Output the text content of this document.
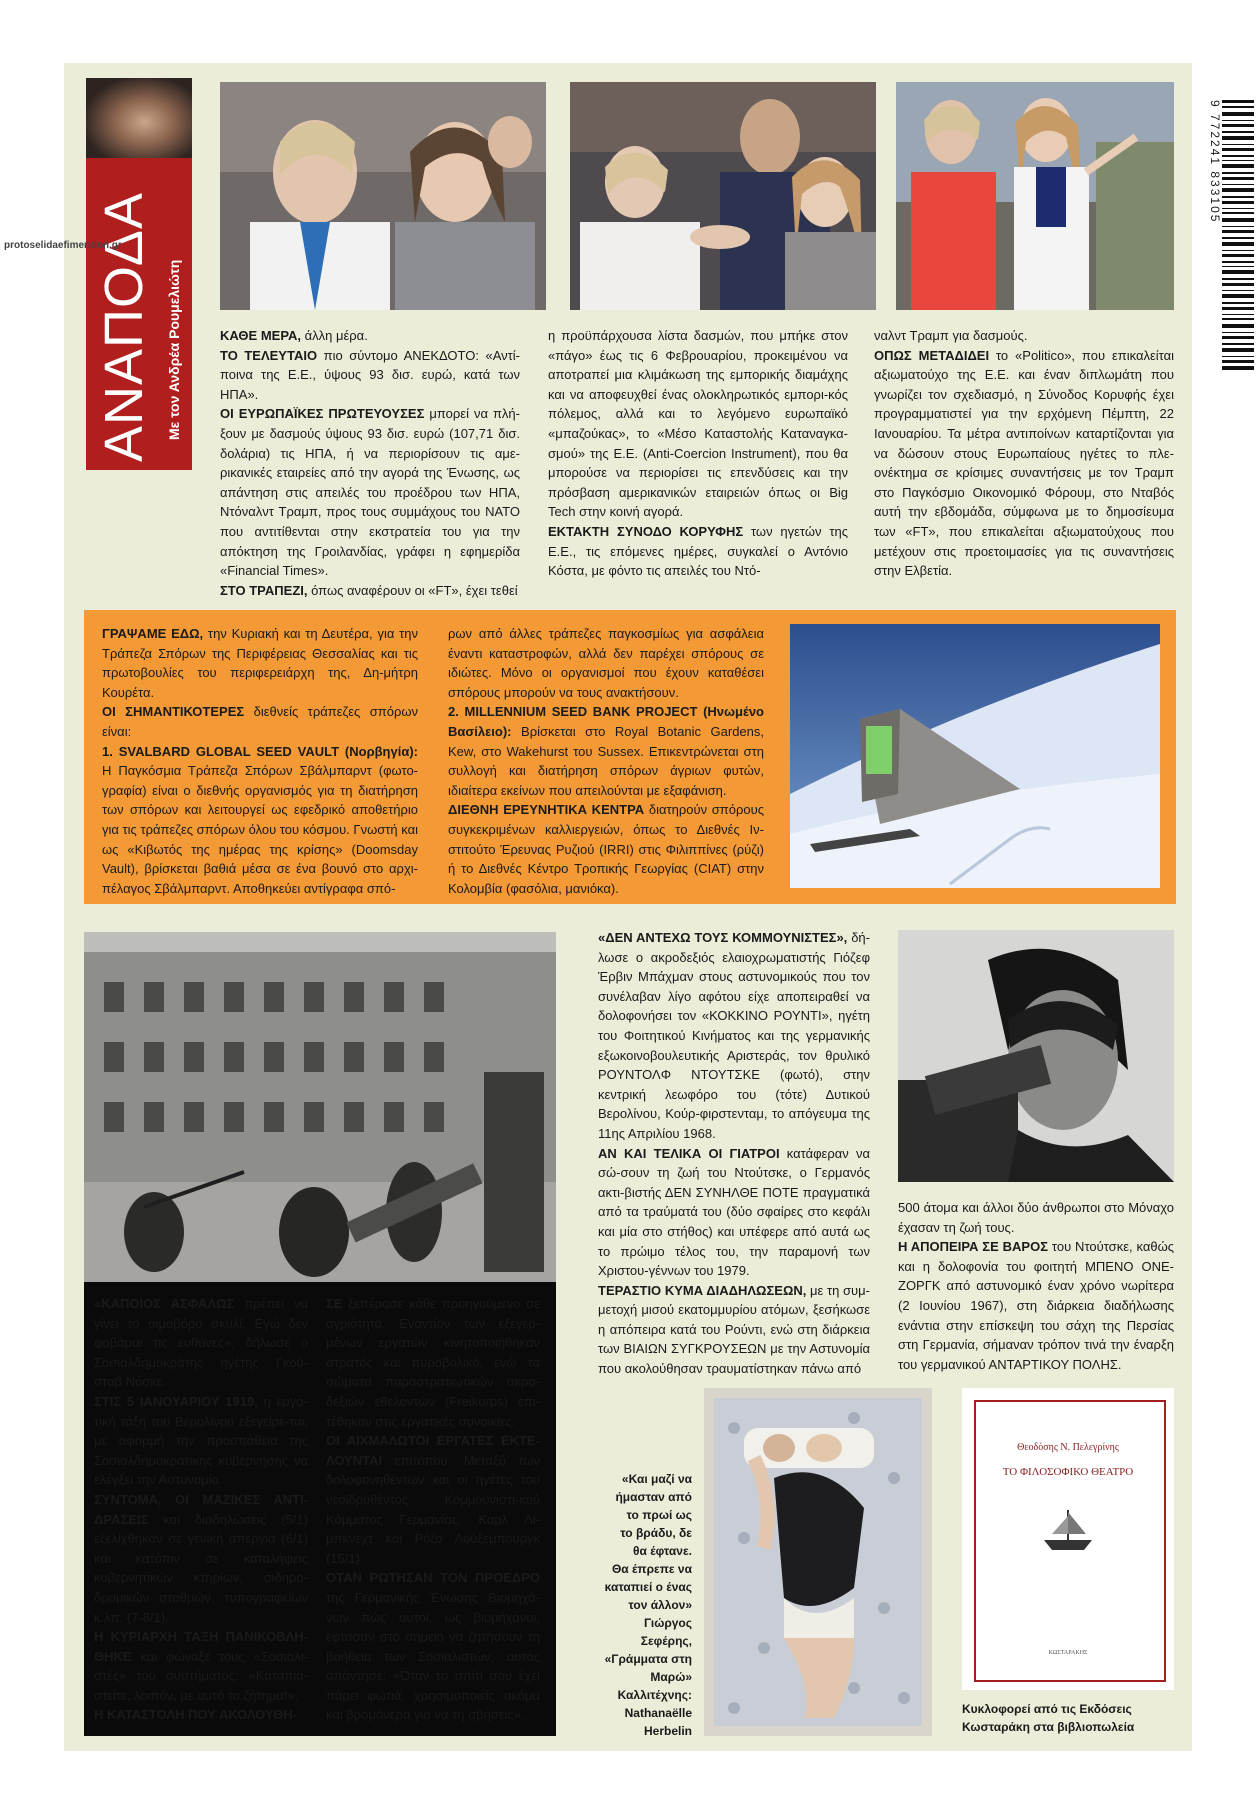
ΑΝΑΠΟΔΑ Με τον Ανδρέα Ρουμελιώτη
protoselidaefimeridon.gr
9 772241 833105

ΚΑΘΕ ΜΕΡΑ, άλλη μέρα.

ΤΟ ΤΕΛΕΥΤΑΙΟ πιο σύντομο ΑΝΕΚΔΟΤΟ: «Αντί-ποινα της Ε.Ε., ύψους 93 δισ. ευρώ, κατά των ΗΠΑ».

ΟΙ ΕΥΡΩΠΑΪΚΕΣ ΠΡΩΤΕΥΟΥΣΕΣ μπορεί να πλή-ξουν με δασμούς ύψους 93 δισ. ευρώ (107,71 δισ. δολάρια) τις ΗΠΑ, ή να περιορίσουν τις αμε-ρικανικές εταιρείες από την αγορά της Ένωσης, ως απάντηση στις απειλές του προέδρου των ΗΠΑ, Ντόναλντ Τραμπ, προς τους συμμάχους του ΝΑΤΟ που αντιτίθενται στην εκστρατεία του για την απόκτηση της Γροιλανδίας, γράφει η εφημερίδα «Financial Times».

ΣΤΟ ΤΡΑΠΕΖΙ, όπως αναφέρουν οι «FT», έχει τεθεί

η προϋπάρχουσα λίστα δασμών, που μπήκε στον «πάγο» έως τις 6 Φεβρουαρίου, προκειμένου να αποτραπεί μια κλιμάκωση της εμπορικής διαμάχης και να αποφευχθεί ένας ολοκληρωτικός εμπορι-κός πόλεμος, αλλά και το λεγόμενο ευρωπαϊκό «μπαζούκας», το «Μέσο Καταστολής Καταναγκα-σμού» της Ε.Ε. (Anti-Coercion Instrument), που θα μπορούσε να περιορίσει τις επενδύσεις και την πρόσβαση αμερικανικών εταιρειών όπως οι Big Tech στην κοινή αγορά.

ΕΚΤΑΚΤΗ ΣΥΝΟΔΟ ΚΟΡΥΦΗΣ των ηγετών της Ε.Ε., τις επόμενες ημέρες, συγκαλεί ο Αντόνιο Κόστα, με φόντο τις απειλές του Ντό-

ναλντ Τραμπ για δασμούς.

ΟΠΩΣ ΜΕΤΑΔΙΔΕΙ το «Politico», που επικαλείται αξιωματούχο της Ε.Ε. και έναν διπλωμάτη που γνωρίζει τον σχεδιασμό, η Σύνοδος Κορυφής έχει προγραμματιστεί για την ερχόμενη Πέμπτη, 22 Ιανουαρίου. Τα μέτρα αντιποίνων καταρτίζονται για να δώσουν στους Ευρωπαίους ηγέτες το πλε-ονέκτημα σε κρίσιμες συναντήσεις με τον Τραμπ στο Παγκόσμιο Οικονομικό Φόρουμ, στο Νταβός αυτή την εβδομάδα, σύμφωνα με το δημοσίευμα των «FT», που επικαλείται αξιωματούχους που μετέχουν στις προετοιμασίες για τις συναντήσεις στην Ελβετία.

ΓΡΑΨΑΜΕ ΕΔΩ, την Κυριακή και τη Δευτέρα, για την Τράπεζα Σπόρων της Περιφέρειας Θεσσαλίας και τις πρωτοβουλίες του περιφερειάρχη της, Δη-μήτρη Κουρέτα.

ΟΙ ΣΗΜΑΝΤΙΚΟΤΕΡΕΣ διεθνείς τράπεζες σπόρων είναι:

1. SVALBARD GLOBAL SEED VAULT (Νορβηγία): Η Παγκόσμια Τράπεζα Σπόρων Σβάλμπαρντ (φωτο-γραφία) είναι ο διεθνής οργανισμός για τη διατήρηση των σπόρων και λειτουργεί ως εφεδρικό αποθετήριο για τις τράπεζες σπόρων όλου του κόσμου. Γνωστή και ως «Κιβωτός της ημέρας της κρίσης» (Doomsday Vault), βρίσκεται βαθιά μέσα σε ένα βουνό στο αρχι-πέλαγος Σβάλμπαρντ. Αποθηκεύει αντίγραφα σπό-

ρων από άλλες τράπεζες παγκοσμίως για ασφάλεια έναντι καταστροφών, αλλά δεν παρέχει σπόρους σε ιδιώτες. Μόνο οι οργανισμοί που έχουν καταθέσει σπόρους μπορούν να τους ανακτήσουν.

2. MILLENNIUM SEED BANK PROJECT (Ηνωμένο Βασίλειο): Βρίσκεται στο Royal Botanic Gardens, Kew, στο Wakehurst του Sussex. Επικεντρώνεται στη συλλογή και διατήρηση σπόρων άγριων φυτών, ιδιαίτερα εκείνων που απειλούνται με εξαφάνιση.

ΔΙΕΘΝΗ ΕΡΕΥΝΗΤΙΚΑ ΚΕΝΤΡΑ διατηρούν σπόρους συγκεκριμένων καλλιεργειών, όπως το Διεθνές Ιν-στιτούτο Έρευνας Ρυζιού (IRRI) στις Φιλιππίνες (ρύζι) ή το Διεθνές Κέντρο Τροπικής Γεωργίας (CIAT) στην Κολομβία (φασόλια, μανιόκα).

«ΚΑΠΟΙΟΣ ΑΣΦΑΛΩΣ πρέπει να γίνει το αιμοβόρο σκυλί. Εγώ δεν φοβάμαι τις ευθύνες», δήλωσε ο Σοσιαλδημοκράτης ηγέτης Γκού-σταβ Νόσκε.

ΣΤΙΣ 5 ΙΑΝΟΥΑΡΙΟΥ 1919, η εργα-τική τάξη του Βερολίνου εξεγείρε-ται, με αφορμή την προσπάθεια της Σοσιαλδημοκρατικής κυβέρνησης να ελέγξει την Αστυνομία.

ΣΥΝΤΟΜΑ, ΟΙ ΜΑΖΙΚΕΣ ΑΝΤΙ-ΔΡΑΣΕΙΣ και διαδηλώσεις (5/1) εξελίχθηκαν σε γενική απεργία (6/1) και κατόπιν σε καταλήψεις κυβερνητικών κτηρίων, σιδηρο-δρομικών σταθμών, τυπογραφείων κ.λπ. (7-8/1).

Η ΚΥΡΙΑΡΧΗ ΤΑΞΗ ΠΑΝΙΚΟΒΛΗ-ΘΗΚΕ και φώναξε τους «Σοσιαλι-στές» του συστήματος: «Καταπια-στείτε, λοιπόν, με αυτό το ζήτημα!».

Η ΚΑΤΑΣΤΟΛΗ ΠΟΥ ΑΚΟΛΟΥΘΗ-

ΣΕ ξεπέρασε κάθε προηγούμενο σε αγριότητα. Εναντίον των εξεγερ-μένων εργατών κινητοποιήθηκαν στρατός και πυροβολικό, ενώ τα σώματα παραστρατιωτικών ακρο-δεξιών εθελοντών (Freikorps) επι-τέθηκαν στις εργατικές συνοικίες.

ΟΙ ΑΙΧΜΑΛΩΤΟΙ ΕΡΓΑΤΕΣ ΕΚΤΕ-ΛΟΥΝΤΑΙ επιτόπου. Μεταξύ των δολοφονηθέντων και οι ηγέτες του νεοϊδρυθέντος Κομμουνιστι-κού Κόμματος Γερμανίας, Καρλ Λί-μπκνεχτ και Ρόζα Λούξεμπουργκ (15/1).

ΟΤΑΝ ΡΩΤΗΣΑΝ ΤΟΝ ΠΡΟΕΔΡΟ της Γερμανικής Ένωσης Βιομηχά-νων πώς αυτοί, ως βιομήχανοι, έφτασαν στο σημείο να ζητήσουν τη βοήθεια των Σοσιαλιστών, αυτός απάντησε: «Όταν το σπίτι σου έχει πάρει φωτιά, χρησιμοποιείς ακόμα και βρομόνερα για να τη σβήσεις»...

«ΔΕΝ ΑΝΤΕΧΩ ΤΟΥΣ ΚΟΜΜΟΥΝΙΣΤΕΣ», δή-λωσε ο ακροδεξιός ελαιοχρωματιστής Γιόζεφ Έρβιν Μπάχμαν στους αστυνομικούς που τον συνέλαβαν λίγο αφότου είχε αποπειραθεί να δολοφονήσει τον «ΚΟΚΚΙΝΟ ΡΟΥΝΤΙ», ηγέτη του Φοιτητικού Κινήματος και της γερμανικής εξωκοινοβουλευτικής Αριστεράς, τον θρυλικό ΡΟΥΝΤΟΛΦ ΝΤΟΥΤΣΚΕ (φωτό), στην κεντρική λεωφόρο του (τότε) Δυτικού Βερολίνου, Κούρ-φιρστενταμ, το απόγευμα της 11ης Απριλίου 1968.

ΑΝ ΚΑΙ ΤΕΛΙΚΑ ΟΙ ΓΙΑΤΡΟΙ κατάφεραν να σώ-σουν τη ζωή του Ντούτσκε, ο Γερμανός ακτι-βιστής ΔΕΝ ΣΥΝΗΛΘΕ ΠΟΤΕ πραγματικά από τα τραύματά του (δύο σφαίρες στο κεφάλι και μία στο στήθος) και υπέφερε από αυτά ως το πρώιμο τέλος του, την παραμονή των Χριστου-γέννων του 1979.

ΤΕΡΑΣΤΙΟ ΚΥΜΑ ΔΙΑΔΗΛΩΣΕΩΝ, με τη συμ-μετοχή μισού εκατομμυρίου ατόμων, ξεσήκωσε η απόπειρα κατά του Ρούντι, ενώ στη διάρκεια των ΒΙΑΙΩΝ ΣΥΓΚΡΟΥΣΕΩΝ με την Αστυνομία που ακολούθησαν τραυματίστηκαν πάνω από

500 άτομα και άλλοι δύο άνθρωποι στο Μόναχο έχασαν τη ζωή τους.

Η ΑΠΟΠΕΙΡΑ ΣΕ ΒΑΡΟΣ του Ντούτσκε, καθώς και η δολοφονία του φοιτητή ΜΠΕΝΟ ΟΝΕ-ΖΟΡΓΚ από αστυνομικό έναν χρόνο νωρίτερα (2 Ιουνίου 1967), στη διάρκεια διαδήλωσης ενάντια στην επίσκεψη του σάχη της Περσίας στη Γερμανία, σήμαναν τρόπον τινά την έναρξη του γερμανικού ΑΝΤΑΡΤΙΚΟΥ ΠΟΛΗΣ.

«Και μαζί να
ήμασταν από
το πρωί ως
το βράδυ, δε
θα έφτανε.
Θα έπρεπε να
καταπιεί ο ένας
τον άλλον»
Γιώργος
Σεφέρης,
«Γράμματα στη
Μαρώ»
Καλλιτέχνης:
Nathanaëlle
Herbelin
Θεοδόσης Ν. Πελεγρίνης
ΤΟ ΦΙΛΟΣΟΦΙΚΟ ΘΕΑΤΡΟ
ΚΩΣΤΑΡΑΚΗΣ
Κυκλοφορεί από τις Εκδόσεις
Κωσταράκη στα βιβλιοπωλεία
